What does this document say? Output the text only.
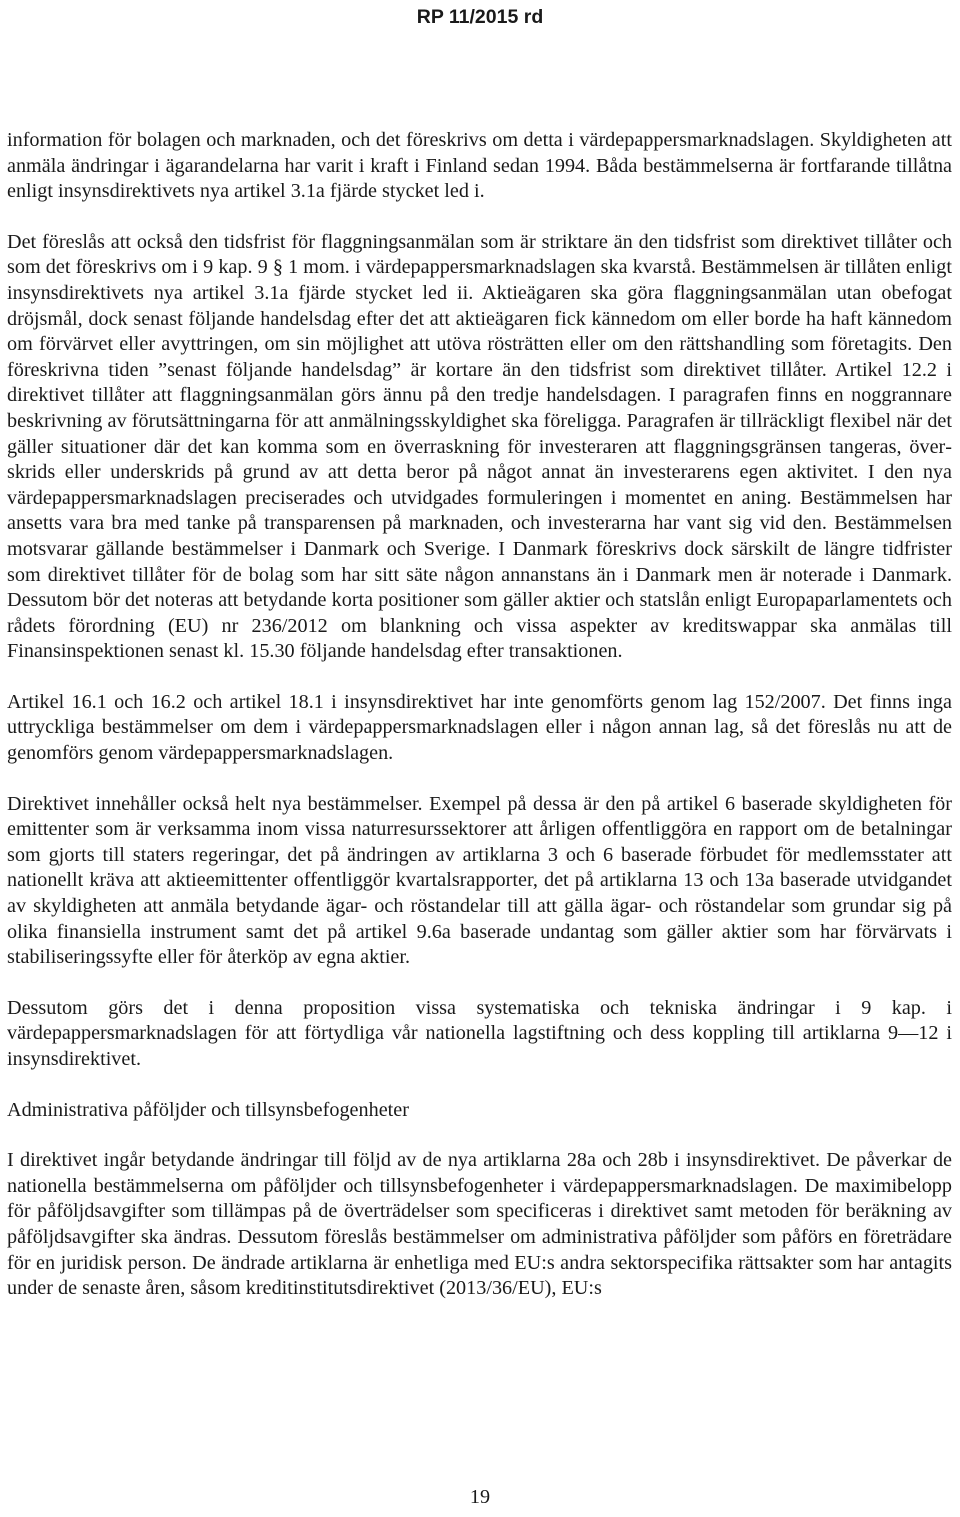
RP 11/2015 rd

information för bolagen och marknaden, och det föreskrivs om detta i värdepappersmarknadslagen. Skyldigheten att anmäla ändringar i ägarandelarna har varit i kraft i Finland sedan 1994. Båda bestämmelserna är fortfarande tillåtna enligt insynsdirektivets nya artikel 3.1a fjärde stycket led i.

Det föreslås att också den tidsfrist för flaggningsanmälan som är striktare än den tidsfrist som direktivet tillåter och som det föreskrivs om i 9 kap. 9 § 1 mom. i värdepappersmarknadslagen ska kvarstå. Bestämmelsen är tillåten enligt insynsdirektivets nya artikel 3.1a fjärde stycket led ii. Aktieägaren ska göra flaggningsanmälan utan obefogat dröjsmål, dock senast följande handelsdag efter det att aktieägaren fick kännedom om eller borde ha haft kännedom om förvärvet eller avyttringen, om sin möjlighet att utöva rösträtten eller om den rättshandling som företagits. Den föreskrivna tiden ”senast följande handelsdag” är kortare än den tidsfrist som direktivet tillåter. Artikel 12.2 i direktivet tillåter att flaggningsanmälan görs ännu på den tredje handelsdagen. I paragrafen finns en noggrannare beskrivning av förutsättningarna för att anmälningsskyldighet ska föreligga. Paragrafen är tillräckligt flexibel när det gäller situationer där det kan komma som en överraskning för investeraren att flaggningsgränsen tangeras, överskrids eller underskrids på grund av att detta beror på något annat än investerarens egen aktivitet. I den nya värdepappersmarknadslagen preciserades och utvidgades formuleringen i momentet en aning. Bestämmelsen har ansetts vara bra med tanke på transparensen på marknaden, och investerarna har vant sig vid den. Bestämmelsen motsvarar gällande bestämmelser i Danmark och Sverige. I Danmark föreskrivs dock särskilt de längre tidfrister som direktivet tillåter för de bolag som har sitt säte någon annanstans än i Danmark men är noterade i Danmark. Dessutom bör det noteras att betydande korta positioner som gäller aktier och statslån enligt Europaparlamentets och rådets förordning (EU) nr 236/2012 om blankning och vissa aspekter av kreditswappar ska anmälas till Finansinspektionen senast kl. 15.30 följande handelsdag efter transaktionen.

Artikel 16.1 och 16.2 och artikel 18.1 i insynsdirektivet har inte genomförts genom lag 152/2007. Det finns inga uttryckliga bestämmelser om dem i värdepappersmarknadslagen eller i någon annan lag, så det föreslås nu att de genomförs genom värdepappersmarknadslagen.

Direktivet innehåller också helt nya bestämmelser. Exempel på dessa är den på artikel 6 baserade skyldigheten för emittenter som är verksamma inom vissa naturresurssektorer att årligen offentliggöra en rapport om de betalningar som gjorts till staters regeringar, det på ändringen av artiklarna 3 och 6 baserade förbudet för medlemsstater att nationellt kräva att aktieemittenter offentliggör kvartalsrapporter, det på artiklarna 13 och 13a baserade utvidgandet av skyldigheten att anmäla betydande ägar- och röstandelar till att gälla ägar- och röstandelar som grundar sig på olika finansiella instrument samt det på artikel 9.6a baserade undantag som gäller aktier som har förvärvats i stabiliseringssyfte eller för återköp av egna aktier.

Dessutom görs det i denna proposition vissa systematiska och tekniska ändringar i 9 kap. i värdepappersmarknadslagen för att förtydliga vår nationella lagstiftning och dess koppling till artiklarna 9—12 i insynsdirektivet.

Administrativa påföljder och tillsynsbefogenheter

I direktivet ingår betydande ändringar till följd av de nya artiklarna 28a och 28b i insynsdirektivet. De påverkar de nationella bestämmelserna om påföljder och tillsynsbefogenheter i värdepappersmarknadslagen. De maximibelopp för påföljdsavgifter som tillämpas på de överträdelser som specificeras i direktivet samt metoden för beräkning av påföljdsavgifter ska ändras. Dessutom föreslås bestämmelser om administrativa påföljder som påförs en företrädare för en juridisk person. De ändrade artiklarna är enhetliga med EU:s andra sektorspecifika rättsakter som har antagits under de senaste åren, såsom kreditinstitutsdirektivet (2013/36/EU), EU:s

19
